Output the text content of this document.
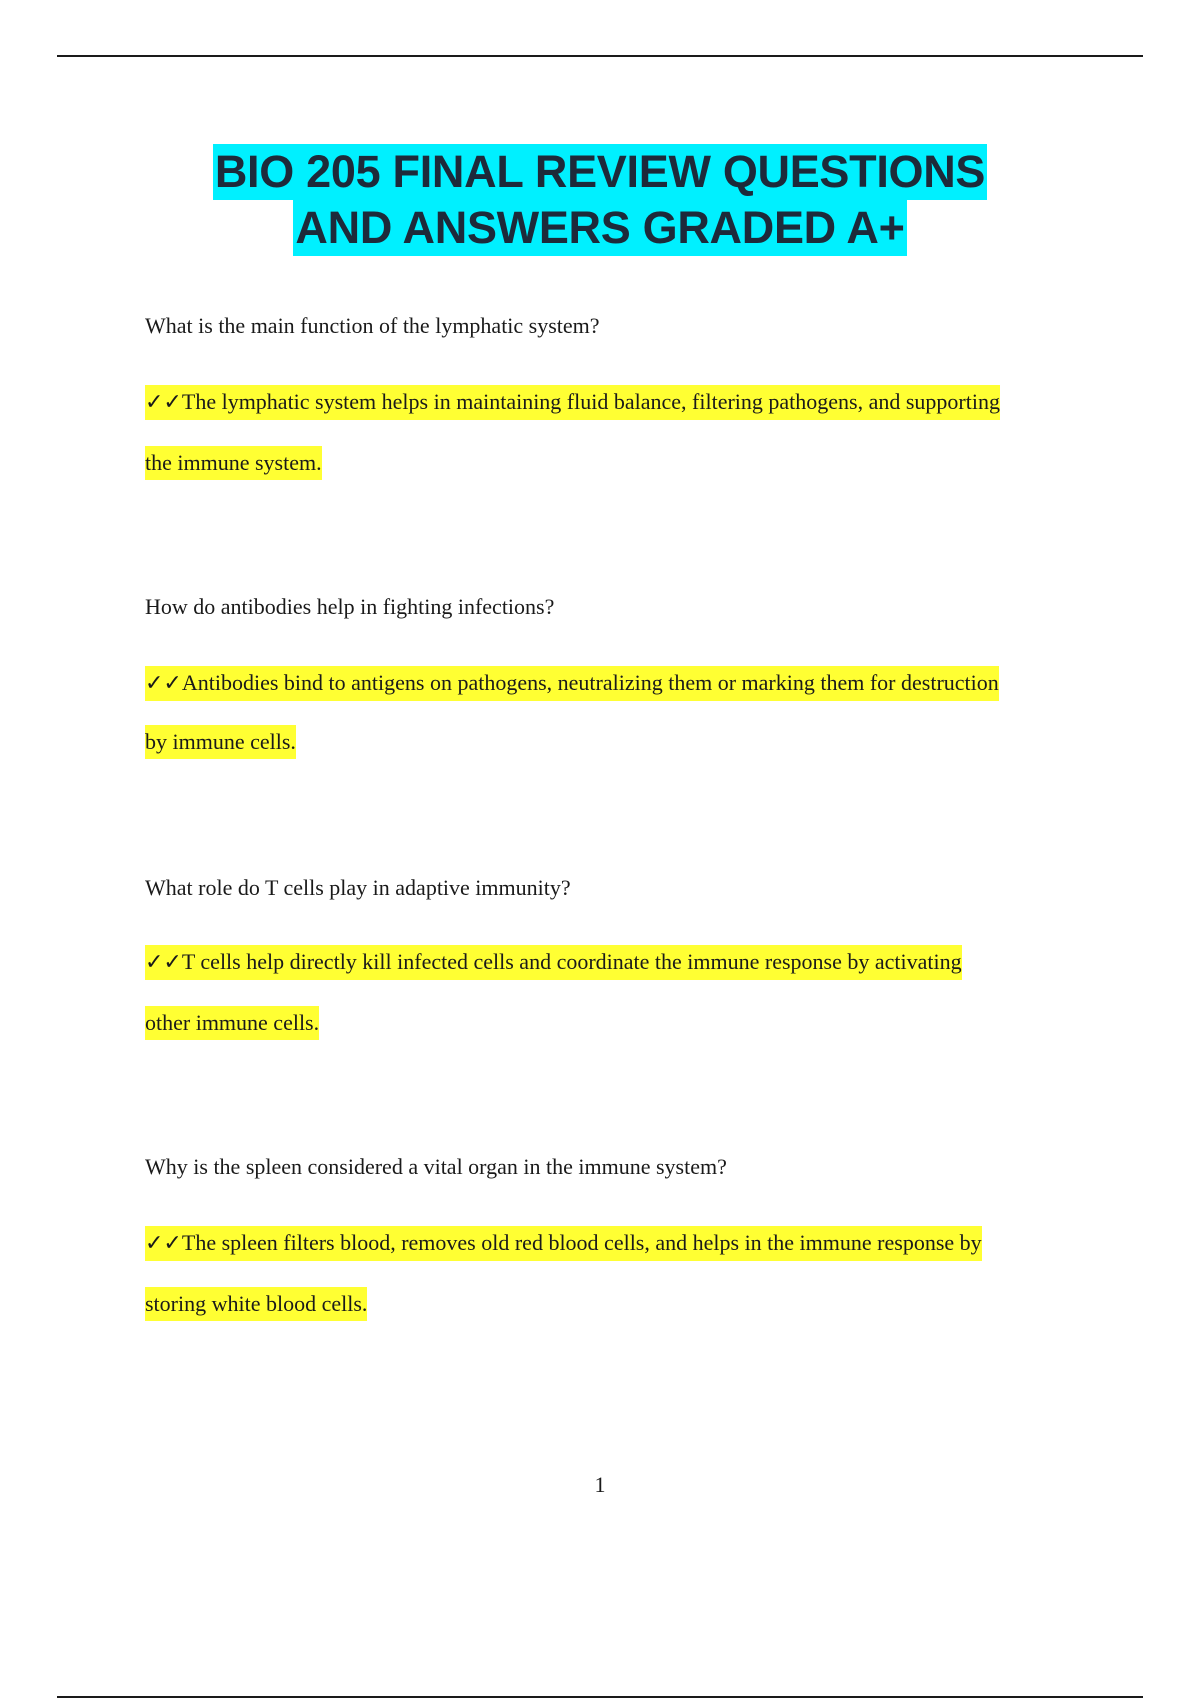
BIO 205 FINAL REVIEW QUESTIONS
AND ANSWERS GRADED A+
What is the main function of the lymphatic system?
✓✓The lymphatic system helps in maintaining fluid balance, filtering pathogens, and supporting
the immune system.
How do antibodies help in fighting infections?
✓✓Antibodies bind to antigens on pathogens, neutralizing them or marking them for destruction
by immune cells.
What role do T cells play in adaptive immunity?
✓✓T cells help directly kill infected cells and coordinate the immune response by activating
other immune cells.
Why is the spleen considered a vital organ in the immune system?
✓✓The spleen filters blood, removes old red blood cells, and helps in the immune response by
storing white blood cells.
1
